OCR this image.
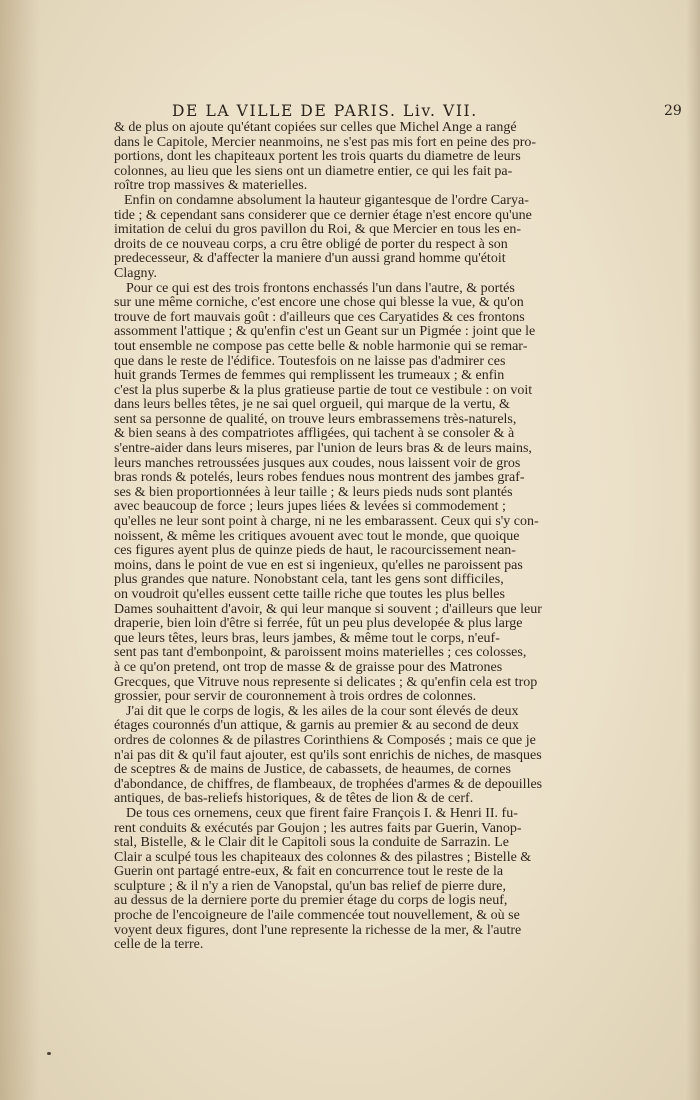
DE LA VILLE DE PARIS. Liv. VII.	29
& de plus on ajoute qu'étant copiées sur celles que Michel Ange a rangé
dans le Capitole, Mercier neanmoins, ne s'est pas mis fort en peine des pro-
portions, dont les chapiteaux portent les trois quarts du diametre de leurs
colonnes, au lieu que les siens ont un diametre entier, ce qui les fait pa-
roître trop massives & materielles.
Enfin on condamne absolument la hauteur gigantesque de l'ordre Carya-
tide ; & cependant sans considerer que ce dernier étage n'est encore qu'une
imitation de celui du gros pavillon du Roi, & que Mercier en tous les en-
droits de ce nouveau corps, a cru être obligé de porter du respect à son
predecesseur, & d'affecter la maniere d'un aussi grand homme qu'étoit
Clagny.
Pour ce qui est des trois frontons enchassés l'un dans l'autre, & portés
sur une même corniche, c'est encore une chose qui blesse la vue, & qu'on
trouve de fort mauvais goût : d'ailleurs que ces Caryatides & ces frontons
assomment l'attique ; & qu'enfin c'est un Geant sur un Pigmée : joint que le
tout ensemble ne compose pas cette belle & noble harmonie qui se remar-
que dans le reste de l'édifice. Toutesfois on ne laisse pas d'admirer ces
huit grands Termes de femmes qui remplissent les trumeaux ; & enfin
c'est la plus superbe & la plus gratieuse partie de tout ce vestibule : on voit
dans leurs belles têtes, je ne sai quel orgueil, qui marque de la vertu, &
sent sa personne de qualité, on trouve leurs embrassemens très-naturels,
& bien seans à des compatriotes affligées, qui tachent à se consoler & à
s'entre-aider dans leurs miseres, par l'union de leurs bras & de leurs mains,
leurs manches retroussées jusques aux coudes, nous laissent voir de gros
bras ronds & potelés, leurs robes fendues nous montrent des jambes graf-
ses & bien proportionnées à leur taille ; & leurs pieds nuds sont plantés
avec beaucoup de force ; leurs jupes liées & levées si commodement ;
qu'elles ne leur sont point à charge, ni ne les embarassent. Ceux qui s'y con-
noissent, & même les critiques avouent avec tout le monde, que quoique
ces figures ayent plus de quinze pieds de haut, le racourcissement nean-
moins, dans le point de vue en est si ingenieux, qu'elles ne paroissent pas
plus grandes que nature. Nonobstant cela, tant les gens sont difficiles,
on voudroit qu'elles eussent cette taille riche que toutes les plus belles
Dames souhaittent d'avoir, & qui leur manque si souvent ; d'ailleurs que leur
draperie, bien loin d'être si ferrée, fût un peu plus developée & plus large
que leurs têtes, leurs bras, leurs jambes, & même tout le corps, n'euf-
sent pas tant d'embonpoint, & paroissent moins materielles ; ces colosses,
à ce qu'on pretend, ont trop de masse & de graisse pour des Matrones
Grecques, que Vitruve nous represente si delicates ; & qu'enfin cela est trop
grossier, pour servir de couronnement à trois ordres de colonnes.
J'ai dit que le corps de logis, & les ailes de la cour sont élevés de deux
étages couronnés d'un attique, & garnis au premier & au second de deux
ordres de colonnes & de pilastres Corinthiens & Composés ; mais ce que je
n'ai pas dit & qu'il faut ajouter, est qu'ils sont enrichis de niches, de masques
de sceptres & de mains de Justice, de cabassets, de heaumes, de cornes
d'abondance, de chiffres, de flambeaux, de trophées d'armes & de depouilles
antiques, de bas-reliefs historiques, & de têtes de lion & de cerf.
De tous ces ornemens, ceux que firent faire François I. & Henri II. fu-
rent conduits & exécutés par Goujon ; les autres faits par Guerin, Vanop-
stal, Bistelle, & le Clair dit le Capitoli sous la conduite de Sarrazin. Le
Clair a sculpé tous les chapiteaux des colonnes & des pilastres ; Bistelle &
Guerin ont partagé entre-eux, & fait en concurrence tout le reste de la
sculpture ; & il n'y a rien de Vanopstal, qu'un bas relief de pierre dure,
au dessus de la derniere porte du premier étage du corps de logis neuf,
proche de l'encoigneure de l'aile commencée tout nouvellement, & où se
voyent deux figures, dont l'une represente la richesse de la mer, & l'autre
celle de la terre.
